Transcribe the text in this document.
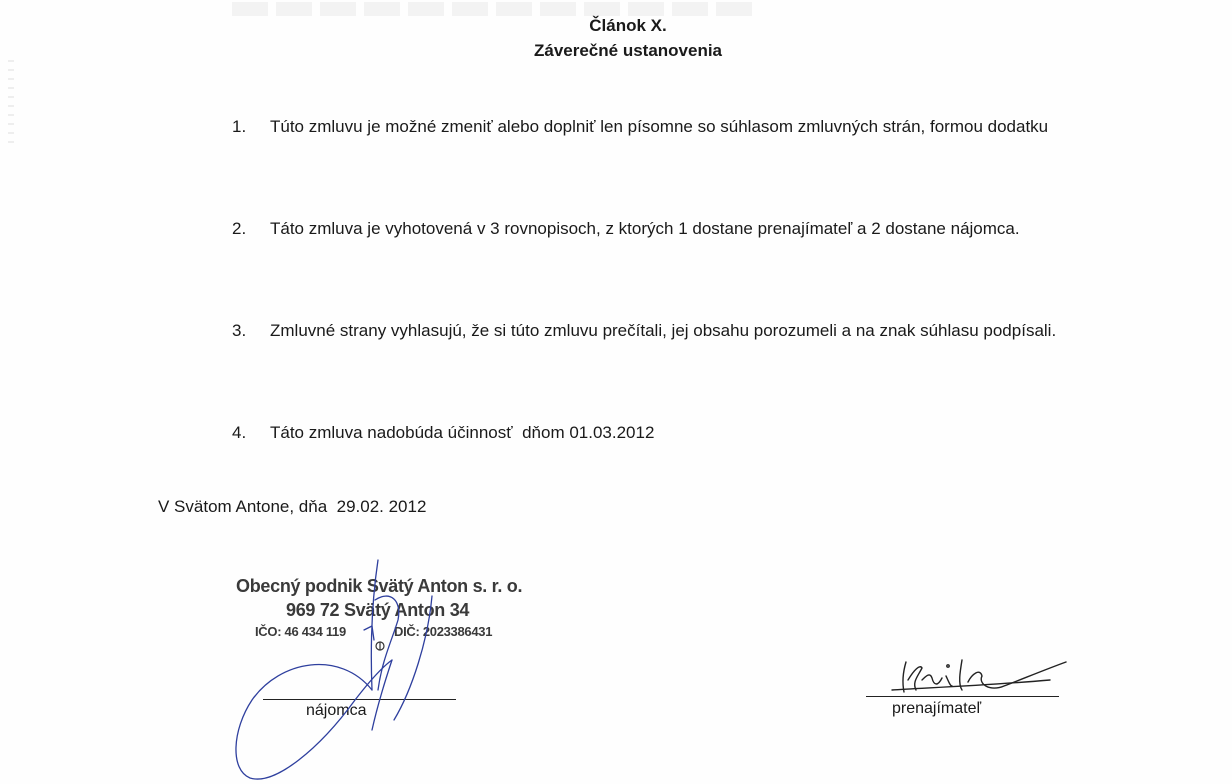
Článok X.
Záverečné ustanovenia
1.	Túto zmluvu je možné zmeniť alebo doplniť len písomne so súhlasom zmluvných strán, formou dodatku
2.	Táto zmluva je vyhotovená v 3 rovnopisoch, z ktorých 1 dostane prenajímateľ a 2 dostane nájomca.
3.	Zmluvné strany vyhlasujú, že si túto zmluvu prečítali, jej obsahu porozumeli a na znak súhlasu podpísali.
4.	Táto zmluva nadobúda účinnosť  dňom 01.03.2012
V Svätom Antone, dňa  29.02. 2012
Obecný podnik Svätý Anton s. r. o.
969 72 Svätý Anton 34
IČO: 46 434 119	DIČ: 2023386431
nájomca	prenajímateľ
